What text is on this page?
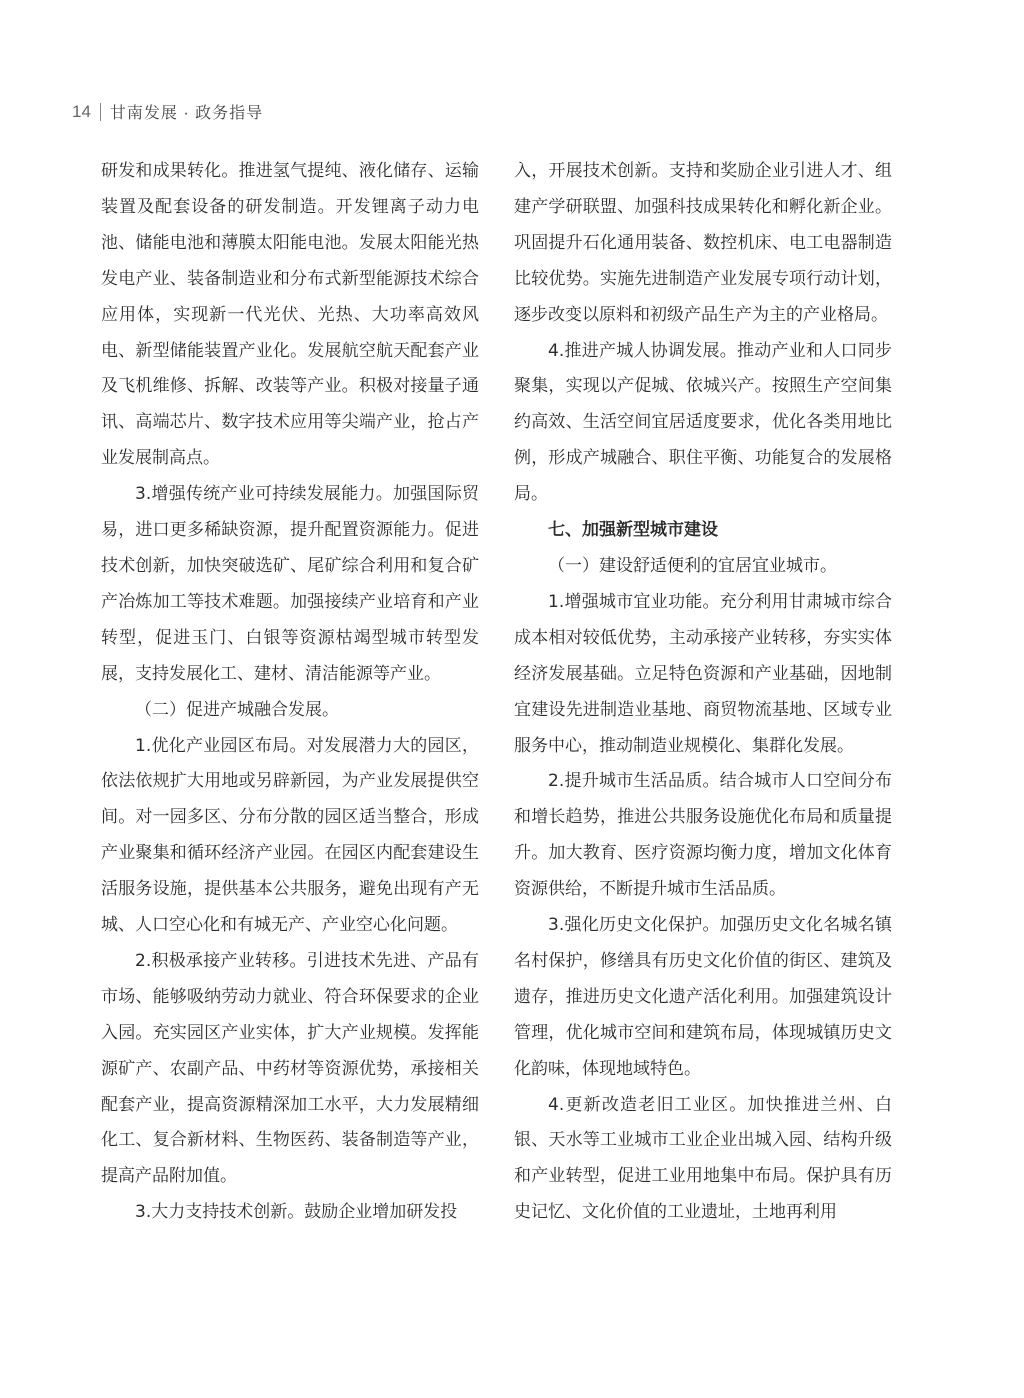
14 甘南发展 · 政务指导

研发和成果转化。推进氢气提纯、液化储存、运输装置及配套设备的研发制造。开发锂离子动力电池、储能电池和薄膜太阳能电池。发展太阳能光热发电产业、装备制造业和分布式新型能源技术综合应用体，实现新一代光伏、光热、大功率高效风电、新型储能装置产业化。发展航空航天配套产业及飞机维修、拆解、改装等产业。积极对接量子通讯、高端芯片、数字技术应用等尖端产业，抢占产业发展制高点。

3.增强传统产业可持续发展能力。加强国际贸易，进口更多稀缺资源，提升配置资源能力。促进技术创新，加快突破选矿、尾矿综合利用和复合矿产冶炼加工等技术难题。加强接续产业培育和产业转型，促进玉门、白银等资源枯竭型城市转型发展，支持发展化工、建材、清洁能源等产业。

（二）促进产城融合发展。

1.优化产业园区布局。对发展潜力大的园区，依法依规扩大用地或另辟新园，为产业发展提供空间。对一园多区、分布分散的园区适当整合，形成产业聚集和循环经济产业园。在园区内配套建设生活服务设施，提供基本公共服务，避免出现有产无城、人口空心化和有城无产、产业空心化问题。

2.积极承接产业转移。引进技术先进、产品有市场、能够吸纳劳动力就业、符合环保要求的企业入园。充实园区产业实体，扩大产业规模。发挥能源矿产、农副产品、中药材等资源优势，承接相关配套产业，提高资源精深加工水平，大力发展精细化工、复合新材料、生物医药、装备制造等产业，提高产品附加值。

3.大力支持技术创新。鼓励企业增加研发投

入，开展技术创新。支持和奖励企业引进人才、组建产学研联盟、加强科技成果转化和孵化新企业。巩固提升石化通用装备、数控机床、电工电器制造比较优势。实施先进制造产业发展专项行动计划，逐步改变以原料和初级产品生产为主的产业格局。

4.推进产城人协调发展。推动产业和人口同步聚集，实现以产促城、依城兴产。按照生产空间集约高效、生活空间宜居适度要求，优化各类用地比例，形成产城融合、职住平衡、功能复合的发展格局。

七、加强新型城市建设

（一）建设舒适便利的宜居宜业城市。

1.增强城市宜业功能。充分利用甘肃城市综合成本相对较低优势，主动承接产业转移，夯实实体经济发展基础。立足特色资源和产业基础，因地制宜建设先进制造业基地、商贸物流基地、区域专业服务中心，推动制造业规模化、集群化发展。

2.提升城市生活品质。结合城市人口空间分布和增长趋势，推进公共服务设施优化布局和质量提升。加大教育、医疗资源均衡力度，增加文化体育资源供给，不断提升城市生活品质。

3.强化历史文化保护。加强历史文化名城名镇名村保护，修缮具有历史文化价值的街区、建筑及遗存，推进历史文化遗产活化利用。加强建筑设计管理，优化城市空间和建筑布局，体现城镇历史文化韵味，体现地域特色。

4.更新改造老旧工业区。加快推进兰州、白银、天水等工业城市工业企业出城入园、结构升级和产业转型，促进工业用地集中布局。保护具有历史记忆、文化价值的工业遗址，土地再利用
